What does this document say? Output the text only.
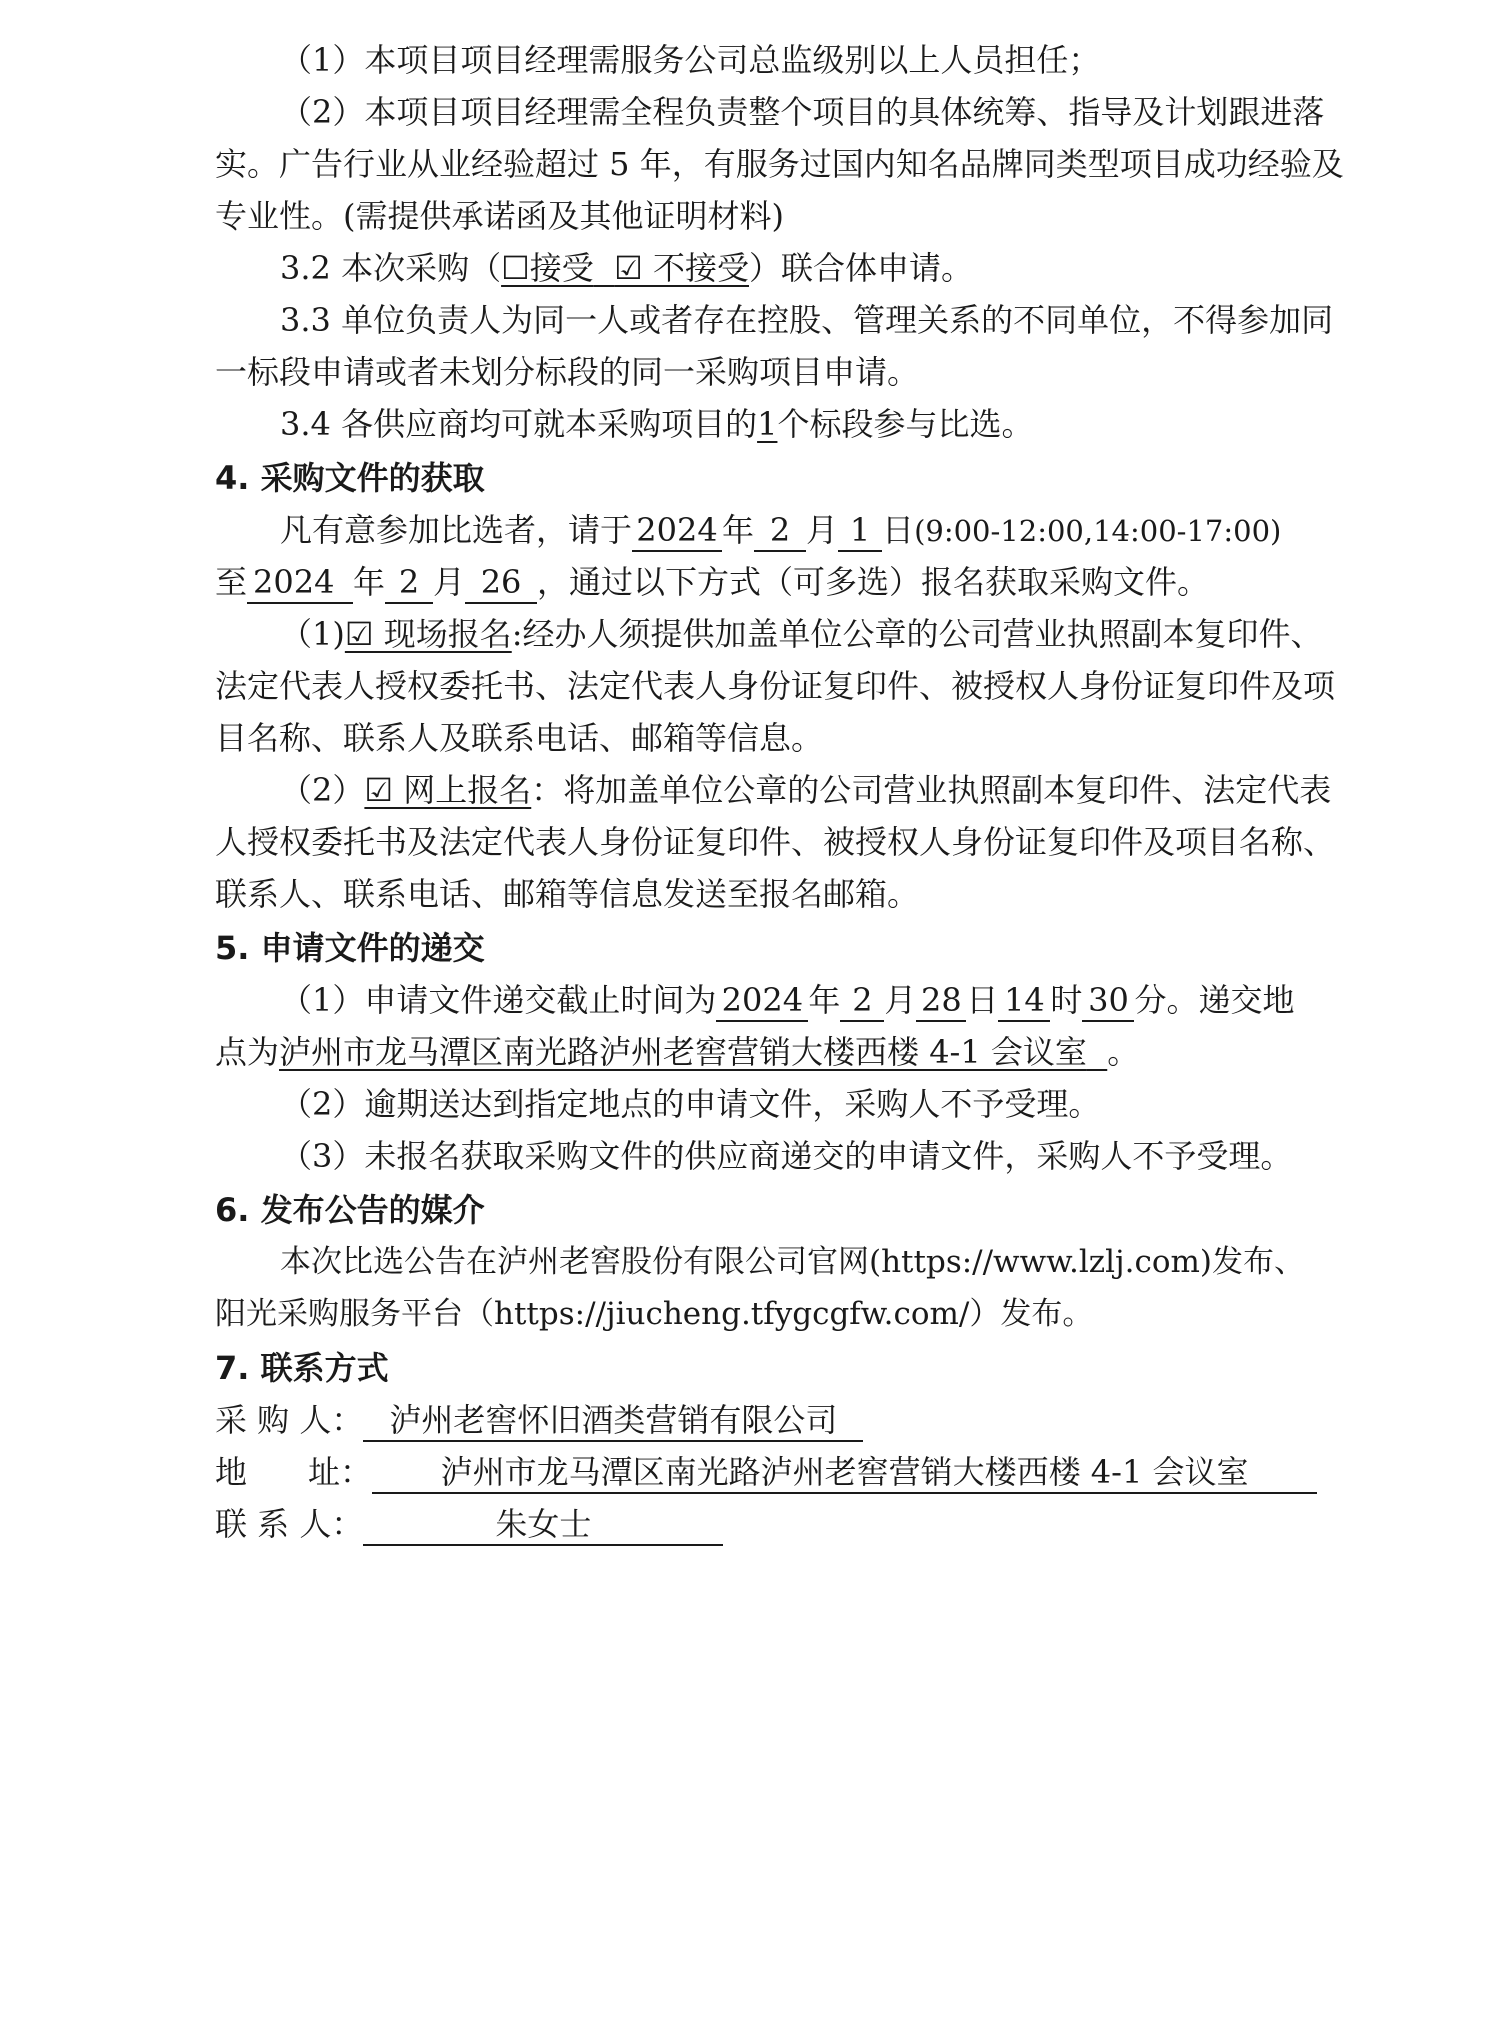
（1）本项目项目经理需服务公司总监级别以上人员担任；
（2）本项目项目经理需全程负责整个项目的具体统筹、指导及计划跟进落
实。广告行业从业经验超过 5 年，有服务过国内知名品牌同类型项目成功经验及
专业性。(需提供承诺函及其他证明材料)
3.2 本次采购（☐接受 ☑ 不接受）联合体申请。
3.3 单位负责人为同一人或者存在控股、管理关系的不同单位，不得参加同
一标段申请或者未划分标段的同一采购项目申请。
3.4 各供应商均可就本采购项目的1个标段参与比选。
4. 采购文件的获取
凡有意参加比选者，请于 2024 年 2 月 1 日(9:00-12:00,14:00-17:00)
至 2024 年 2 月 26 ，通过以下方式（可多选）报名获取采购文件。
（1)☑ 现场报名:经办人须提供加盖单位公章的公司营业执照副本复印件、
法定代表人授权委托书、法定代表人身份证复印件、被授权人身份证复印件及项
目名称、联系人及联系电话、邮箱等信息。
（2）☑ 网上报名：将加盖单位公章的公司营业执照副本复印件、法定代表
人授权委托书及法定代表人身份证复印件、被授权人身份证复印件及项目名称、
联系人、联系电话、邮箱等信息发送至报名邮箱。
5. 申请文件的递交
（1）申请文件递交截止时间为 2024 年 2 月 28 日 14 时 30 分。递交地
点为泸州市龙马潭区南光路泸州老窖营销大楼西楼 4-1 会议室 。
（2）逾期送达到指定地点的申请文件，采购人不予受理。
（3）未报名获取采购文件的供应商递交的申请文件，采购人不予受理。
6. 发布公告的媒介
本次比选公告在泸州老窖股份有限公司官网(https://www.lzlj.com)发布、
阳光采购服务平台（https://jiucheng.tfygcgfw.com/）发布。
7. 联系方式
采 购 人： 泸州老窖怀旧酒类营销有限公司
地      址： 泸州市龙马潭区南光路泸州老窖营销大楼西楼 4-1 会议室
联 系 人：	朱女士
